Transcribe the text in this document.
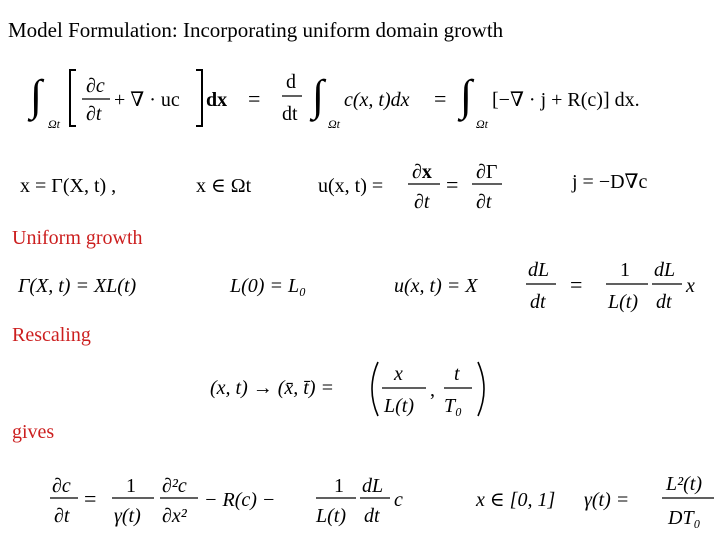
Model Formulation: Incorporating uniform domain growth
∫
Ωt
∂c
∂t
+ ∇ · uc dx =
d
dt ∫
Ωt
c(x, t)dx = ∫
Ωt
[−∇ · j + R(c)] dx.
x = Γ(X, t) ,	x ∈ Ωt	u(x, t) =
∂x
∂t
= ∂Γ
∂t
j = −D∇c
Uniform growth
Γ(X, t) = XL(t)	L(0) = L₀	u(x, t) = X
dL
dt
=
1
L(t)
dL
dt
x
Rescaling
(x, t) → (x̄, t̄) =
x
L(t)
,
t
T₀
gives
∂c
∂t
= 1
γ(t)
∂²c
∂x²
− R(c) −
1
L(t)
dL
dt
c	x ∈ [0, 1] γ(t) =
L²(t)
DT₀
